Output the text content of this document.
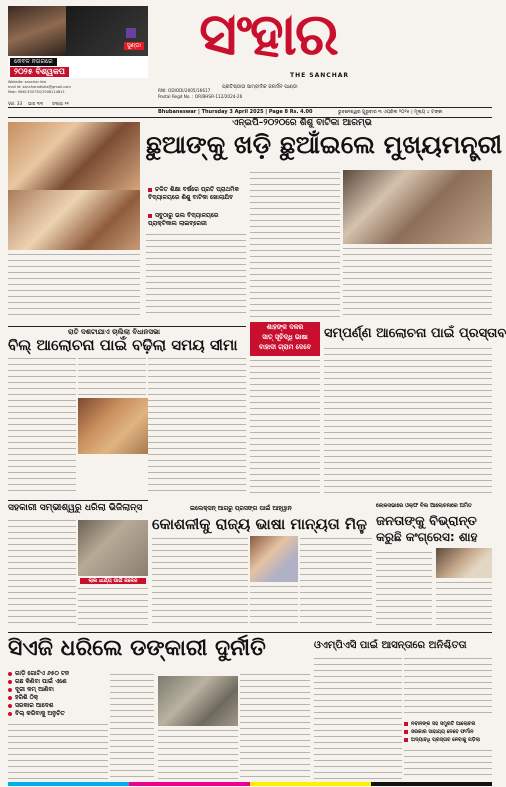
ସୁଣ୍ଡା
କେବଳ ନଗରରେ
୨୦୨୫ ବିଶ୍ୱକପ
Website: sanchar.live
mail id: sancharodisha@gmail.com
Mob: 9861330730/7008114811
ସଂହାର
THE SANCHAR
ପ୍ରତିଷ୍ଠାତା ସାମ୍ବାଦିକ ଜନାର୍ଦନ ପାଣ୍ଡା
Vol. 33 ଭାଗ ୩୩ ସଂଖ୍ୟା ୨୨
Postal Regd No. : OR/BHSR-112/2024-26
RNI: ODIODI/2005/16617
Bhubaneswar | Thursday 3 April 2025 | Page 8 Rs. 4.00	ଭୁବନେଶ୍ୱର ଗୁରୁବାର ୩ ଏପ୍ରିଲ ୨୦୨୫ | ମୂଲ୍ୟ ୪ ଟଙ୍କା
ଏନ୍‌ଇପି–୨୦୨୦ରେ ଶିଶୁ ବାଟିକା ଆରମ୍ଭ
ଛୁଆଙ୍କୁ ଖଡ଼ି ଛୁଆଁଇଲେ ମୁଖ୍ୟମନ୍ତ୍ରୀ
ଚଳିତ ଶିକ୍ଷା ବର୍ଷରେ ପ୍ରତି ପ୍ରାଥମିକ ବିଦ୍ୟାଳୟରେ ଶିଶୁ ବାଟିକା ଖୋଲାଯିବ
ସବୁଠାରୁ ଭଲ ବିଦ୍ୟାଳୟରେ ପ୍ରାକ୍ଟିକାଲ ଲାଇବ୍ରେରୀ
ରାତି ଦଶଟାଯାଏ ଚାଲିଲା ବିଧାନସଭା
ବିଲ୍ ଆଲୋଚନା ପାଇଁ ବଢ଼ିଲା ସମୟ ସୀମା
ଶାହଙ୍କ ଦଳର
ସାତ୍ ସୂଚିଦ୍ଧି ଭାଷା
ବାହାଦୀ ଗ୍ରାମ ଦେବେ
ସମ୍ପର୍ଣ୍ଣ ଆଲୋଚନା ପାଇଁ ପ୍ରସ୍ତାବ
ସହକାରୀ ସମ୍ଭୀଶ୍ୱରୁ ଧରିଲା ଭିଜିଲାନ୍ସ
ଲାଲ ଧାର୍ଯ୍ୟ ପାଇଁ କଳେଜ
ଇଲେକ୍ସନ୍ ଆଗରୁ ପ୍ରସଙ୍ଗ ପାଇଁ ଆହ୍ୱାନ
କୋଶଳୀକୁ ରାଜ୍ୟ ଭାଷା ମାନ୍ୟତା ମିଳୁ
ଲୋକସଭାରେ ଓକ୍ଫ ବିଲ ଆଲୋଚନାରେ ଅମିତ
ଜନତାଙ୍କୁ ବିଭ୍ରାନ୍ତ
କରୁଛି କଂଗ୍ରେସ: ଶାହ
ସିଏଜି ଧରିଲେ ଡଙ୍କାରୀ ଦୁର୍ନୀତି
ଗାଡ଼ି ଗୋଟିଏ ୬୫୦ ଟନ
ଗଛ କିଣିବା ପାଇଁ ଏଣେ
ଦୂରୀ କମ୍ ଆଣିବା
ହରିଶି ଠିକ୍
ସରକାର ଆଦେଶ
ବିଲ୍ କରିବାକୁ ଅନୁଚିତ
ଓଏମ୍‌ପିଏସି ପାଇଁ ଆସନ୍ତାରେ ଅନିଶ୍ଚିତତା
ନବୀନଙ୍କ ସହ ସମ୍ପ୍ରତି ଆଲୋଚନା
ସରକାର ସାହାଯ୍ୟ ନେବେ ଫର୍ମାନ
ଅଦ୍ୟାବଧି ପ୍ରସ୍ତାବ ନେବାକୁ ପଡ଼ିଲା
